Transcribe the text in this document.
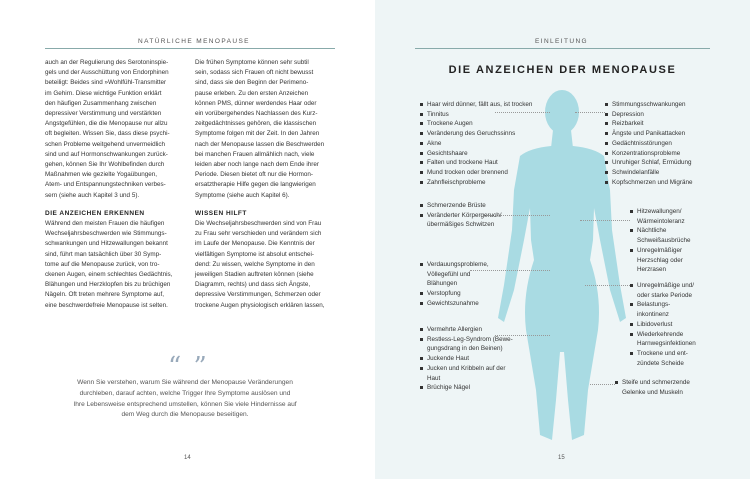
NATÜRLICHE MENOPAUSE

auch an der Regulierung des Serotoninspie-

gels und der Ausschüttung von Endorphinen

beteiligt: Beides sind »Wohlfühl-Transmitter

im Gehirn. Diese wichtige Funktion erklärt

den häufigen Zusammenhang zwischen

depressiver Verstimmung und verstärkten

Angstgefühlen, die die Menopause nur allzu

oft begleiten. Wissen Sie, dass diese psychi-

schen Probleme weitgehend unvermeidlich

sind und auf Hormonschwankungen zurück-

gehen, können Sie Ihr Wohlbefinden durch

Maßnahmen wie gezielte Yogaübungen,

Atem- und Entspannungstechniken verbes-

sern (siehe auch Kapitel 3 und 5).

DIE ANZEICHEN ERKENNEN

Während den meisten Frauen die häufigen

Wechseljahrsbeschwerden wie Stimmungs-

schwankungen und Hitzewallungen bekannt

sind, führt man tatsächlich über 30 Symp-

tome auf die Menopause zurück, von tro-

ckenen Augen, einem schlechtes Gedächtnis,

Blähungen und Herzklopfen bis zu brüchigen

Nägeln. Oft treten mehrere Symptome auf,

eine beschwerdefreie Menopause ist selten.

Die frühen Symptome können sehr subtil

sein, sodass sich Frauen oft nicht bewusst

sind, dass sie den Beginn der Perimeno-

pause erleben. Zu den ersten Anzeichen

können PMS, dünner werdendes Haar oder

ein vorübergehendes Nachlassen des Kurz-

zeitgedächtnisses gehören, die klassischen

Symptome folgen mit der Zeit. In den Jahren

nach der Menopause lassen die Beschwerden

bei manchen Frauen allmählich nach, viele

leiden aber noch lange nach dem Ende ihrer

Periode. Diesen bietet oft nur die Hormon-

ersatztherapie Hilfe gegen die langwierigen

Symptome (siehe auch Kapitel 6).

WISSEN HILFT

Die Wechseljahrsbeschwerden sind von Frau

zu Frau sehr verschieden und verändern sich

im Laufe der Menopause. Die Kenntnis der

vielfältigen Symptome ist absolut entschei-

dend: Zu wissen, welche Symptome in den

jeweiligen Stadien auftreten können (siehe

Diagramm, rechts) und dass sich Ängste,

depressive Verstimmungen, Schmerzen oder

trockene Augen physiologisch erklären lassen,

“ ”
Wenn Sie verstehen, warum Sie während der Menopause Veränderungen
durchleben, darauf achten, welche Trigger Ihre Symptome auslösen und
Ihre Lebensweise entsprechend umstellen, können Sie viele Hindernisse auf
dem Weg durch die Menopause beseitigen.
14
EINLEITUNG
DIE ANZEICHEN DER MENOPAUSE
Haar wird dünner, fällt aus, ist trocken
Tinnitus
Trockene Augen
Veränderung des Geruchssinns
Akne
Gesichtshaare
Falten und trockene Haut
Mund trocken oder brennend
Zahnfleischprobleme
Schmerzende Brüste
Veränderter Körpergeruch/
übermäßiges Schwitzen
Verdauungsprobleme,
Völlegefühl und
Blähungen
Verstopfung
Gewichtszunahme
Vermehrte Allergien
Restless-Leg-Syndrom (Bewe-
gungsdrang in den Beinen)
Juckende Haut
Jucken und Kribbeln auf der
Haut
Brüchige Nägel
Stimmungsschwankungen
Depression
Reizbarkeit
Ängste und Panikattacken
Gedächtnisstörungen
Konzentrationsprobleme
Unruhiger Schlaf, Ermüdung
Schwindelanfälle
Kopfschmerzen und Migräne
Hitzewallungen/
Wärmeintoleranz
Nächtliche
Schweißausbrüche
Unregelmäßiger
Herzschlag oder
Herzrasen
Unregelmäßige und/
oder starke Periode
Belastungs-
inkontinenz
Libidoverlust
Wiederkehrende
Harnwegsinfektionen
Trockene und ent-
zündete Scheide
Steife und schmerzende
Gelenke und Muskeln
15
